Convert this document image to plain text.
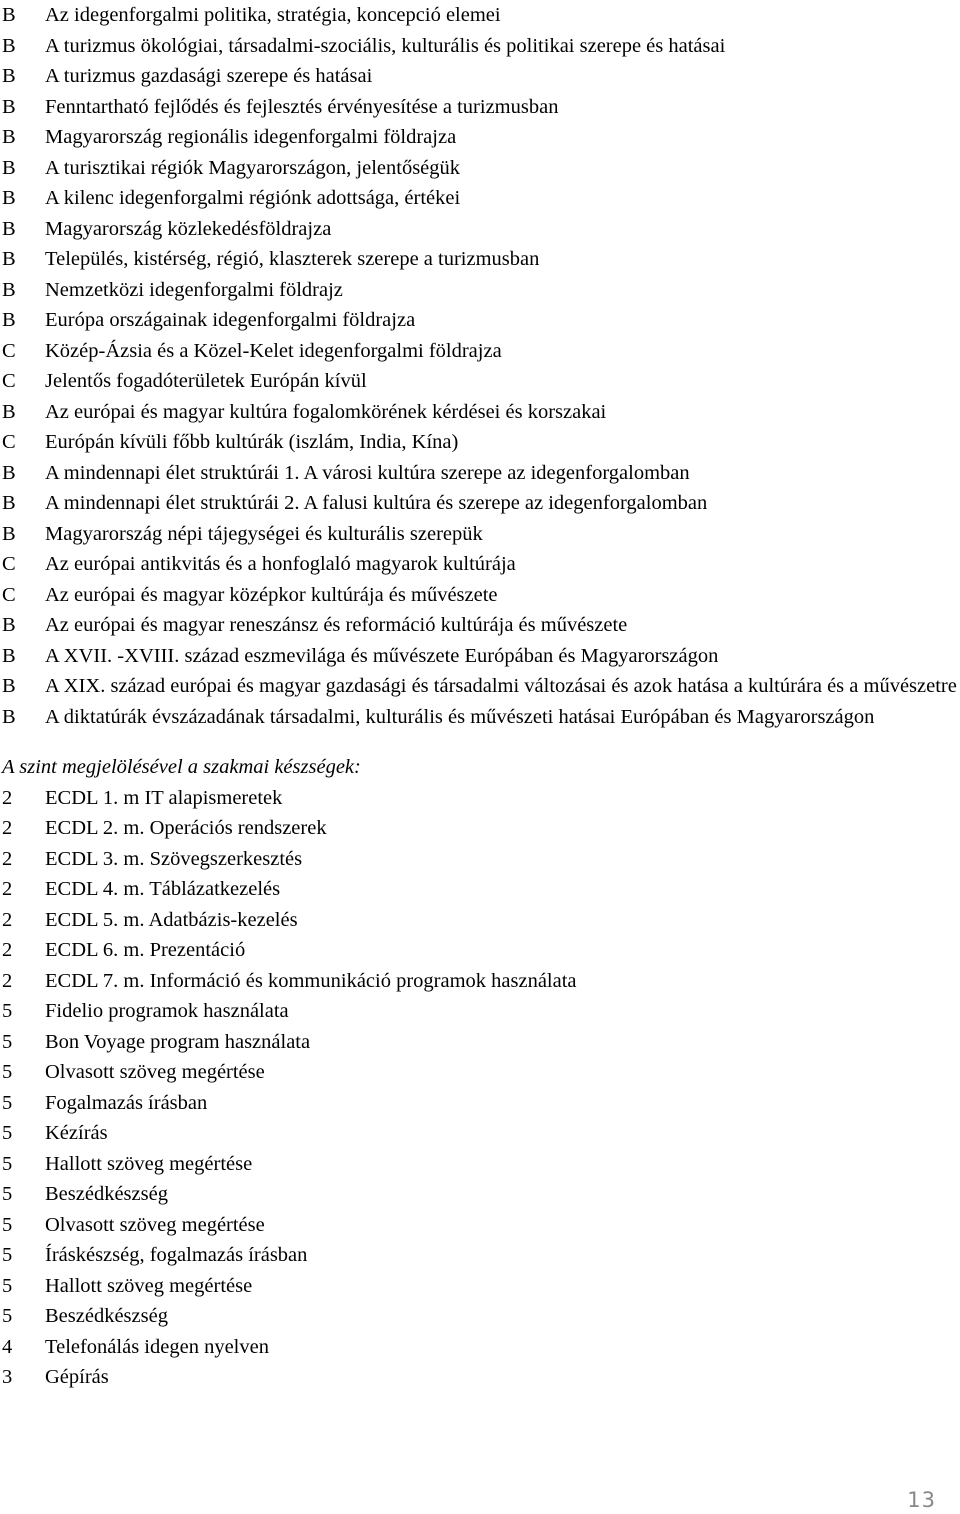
B	Az idegenforgalmi politika, stratégia, koncepció elemei
B	A turizmus ökológiai, társadalmi-szociális, kulturális és politikai szerepe és hatásai
B	A turizmus gazdasági szerepe és hatásai
B	Fenntartható fejlődés és fejlesztés érvényesítése a turizmusban
B	Magyarország regionális idegenforgalmi földrajza
B	A turisztikai régiók Magyarországon, jelentőségük
B	A kilenc idegenforgalmi régiónk adottsága, értékei
B	Magyarország közlekedésföldrajza
B	Település, kistérség, régió, klaszterek szerepe a turizmusban
B	Nemzetközi idegenforgalmi földrajz
B	Európa országainak idegenforgalmi földrajza
C	Közép-Ázsia és a Közel-Kelet idegenforgalmi földrajza
C	Jelentős fogadóterületek Európán kívül
B	Az európai és magyar kultúra fogalomkörének kérdései és korszakai
C	Európán kívüli főbb kultúrák (iszlám, India, Kína)
B	A mindennapi élet struktúrái 1. A városi kultúra szerepe az idegenforgalomban
B	A mindennapi élet struktúrái 2. A falusi kultúra és szerepe az idegenforgalomban
B	Magyarország népi tájegységei és kulturális szerepük
C	Az európai antikvitás és a honfoglaló magyarok kultúrája
C	Az európai és magyar középkor kultúrája és művészete
B	Az európai és magyar reneszánsz és reformáció kultúrája és művészete
B	A XVII. -XVIII. század eszmevilága és művészete Európában és Magyarországon
B	A XIX. század európai és magyar gazdasági és társadalmi változásai és azok hatása a kultúrára és a művészetre
B	A diktatúrák évszázadának társadalmi, kulturális és művészeti hatásai Európában és Magyarországon
A szint megjelölésével a szakmai készségek:
2	ECDL 1. m IT alapismeretek
2	ECDL 2. m. Operációs rendszerek
2	ECDL 3. m. Szövegszerkesztés
2	ECDL 4. m. Táblázatkezelés
2	ECDL 5. m. Adatbázis-kezelés
2	ECDL 6. m. Prezentáció
2	ECDL 7. m. Információ és kommunikáció programok használata
5	Fidelio programok használata
5	Bon Voyage program használata
5	Olvasott szöveg megértése
5	Fogalmazás írásban
5	Kézírás
5	Hallott szöveg megértése
5	Beszédkészség
5	Olvasott szöveg megértése
5	Íráskészség, fogalmazás írásban
5	Hallott szöveg megértése
5	Beszédkészség
4	Telefonálás idegen nyelven
3	Gépírás
13
